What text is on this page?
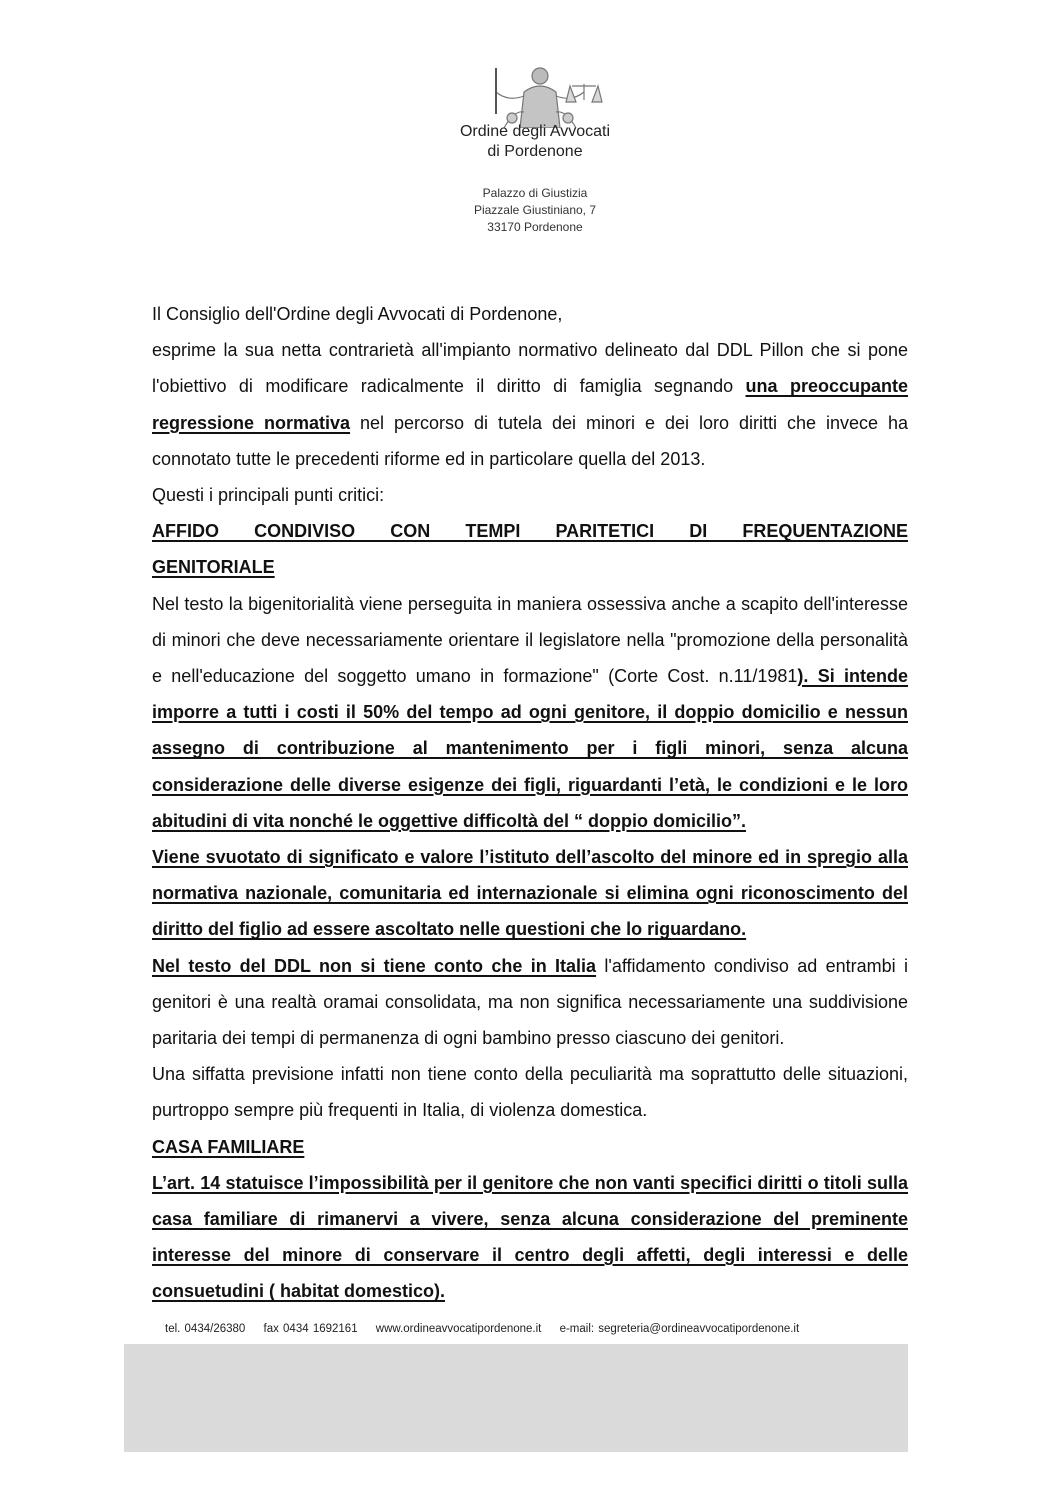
Ordine degli Avvocati
di Pordenone
Palazzo di Giustizia
Piazzale Giustiniano, 7
33170 Pordenone

Il Consiglio dell'Ordine degli Avvocati di Pordenone,

esprime la sua netta contrarietà all'impianto normativo delineato dal DDL Pillon che si pone l'obiettivo di modificare radicalmente il diritto di famiglia segnando una preoccupante regressione normativa nel percorso di tutela dei minori e dei loro diritti che invece ha connotato tutte le precedenti riforme ed in particolare quella del 2013.

Questi i principali punti critici:

AFFIDO CONDIVISO CON TEMPI PARITETICI DI FREQUENTAZIONE

GENITORIALE

Nel testo la bigenitorialità viene perseguita in maniera ossessiva anche a scapito dell'interesse di minori che deve necessariamente orientare il legislatore nella "promozione della personalità e nell'educazione del soggetto umano in formazione" (Corte Cost. n.11/1981). Si intende imporre a tutti i costi il 50% del tempo ad ogni genitore, il doppio domicilio e nessun assegno di contribuzione al mantenimento per i figli minori, senza alcuna considerazione delle diverse esigenze dei figli, riguardanti l’età, le condizioni e le loro abitudini di vita nonché le oggettive difficoltà del “ doppio domicilio”.

Viene svuotato di significato e valore l’istituto dell’ascolto del minore ed in spregio alla normativa nazionale, comunitaria ed internazionale si elimina ogni riconoscimento del diritto del figlio ad essere ascoltato nelle questioni che lo riguardano.

Nel testo del DDL non si tiene conto che in Italia l'affidamento condiviso ad entrambi i genitori è una realtà oramai consolidata, ma non significa necessariamente una suddivisione paritaria dei tempi di permanenza di ogni bambino presso ciascuno dei genitori.

Una siffatta previsione infatti non tiene conto della peculiarità ma soprattutto delle situazioni, purtroppo sempre più frequenti in Italia, di violenza domestica.

CASA FAMILIARE

L’art. 14 statuisce l’impossibilità per il genitore che non vanti specifici diritti o titoli sulla casa familiare di rimanervi a vivere, senza alcuna considerazione del preminente interesse del minore di conservare il centro degli affetti, degli interessi e delle consuetudini ( habitat domestico).

tel. 0434/26380 fax 0434 1692161 www.ordineavvocatipordenone.it e-mail: segreteria@ordineavvocatipordenone.it
